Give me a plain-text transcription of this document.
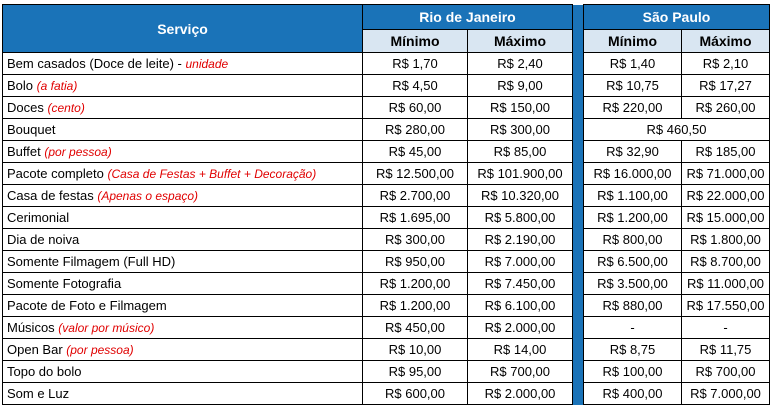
Serviço	Rio de Janeiro			São Paulo	
	Mínimo	Máximo		Mínimo	Máximo
Bem casados (Doce de leite) - unidade	R$ 1,70	R$ 2,40		R$ 1,40	R$ 2,10
Bolo (a fatia)	R$ 4,50	R$ 9,00		R$ 10,75	R$ 17,27
Doces (cento)	R$ 60,00	R$ 150,00		R$ 220,00	R$ 260,00
Bouquet	R$ 280,00	R$ 300,00		R$ 460,50	
Buffet (por pessoa)	R$ 45,00	R$ 85,00		R$ 32,90	R$ 185,00
Pacote completo (Casa de Festas + Buffet + Decoração)	R$ 12.500,00	R$ 101.900,00		R$ 16.000,00	R$ 71.000,00
Casa de festas (Apenas o espaço)	R$ 2.700,00	R$ 10.320,00		R$ 1.100,00	R$ 22.000,00
Cerimonial	R$ 1.695,00	R$ 5.800,00		R$ 1.200,00	R$ 15.000,00
Dia de noiva	R$ 300,00	R$ 2.190,00		R$ 800,00	R$ 1.800,00
Somente Filmagem (Full HD)	R$ 950,00	R$ 7.000,00		R$ 6.500,00	R$ 8.700,00
Somente Fotografia	R$ 1.200,00	R$ 7.450,00		R$ 3.500,00	R$ 11.000,00
Pacote de Foto e Filmagem	R$ 1.200,00	R$ 6.100,00		R$ 880,00	R$ 17.550,00
Músicos (valor por músico)	R$ 450,00	R$ 2.000,00		-	-
Open Bar (por pessoa)	R$ 10,00	R$ 14,00		R$ 8,75	R$ 11,75
Topo do bolo	R$ 95,00	R$ 700,00		R$ 100,00	R$ 700,00
Som e Luz	R$ 600,00	R$ 2.000,00		R$ 400,00	R$ 7.000,00
